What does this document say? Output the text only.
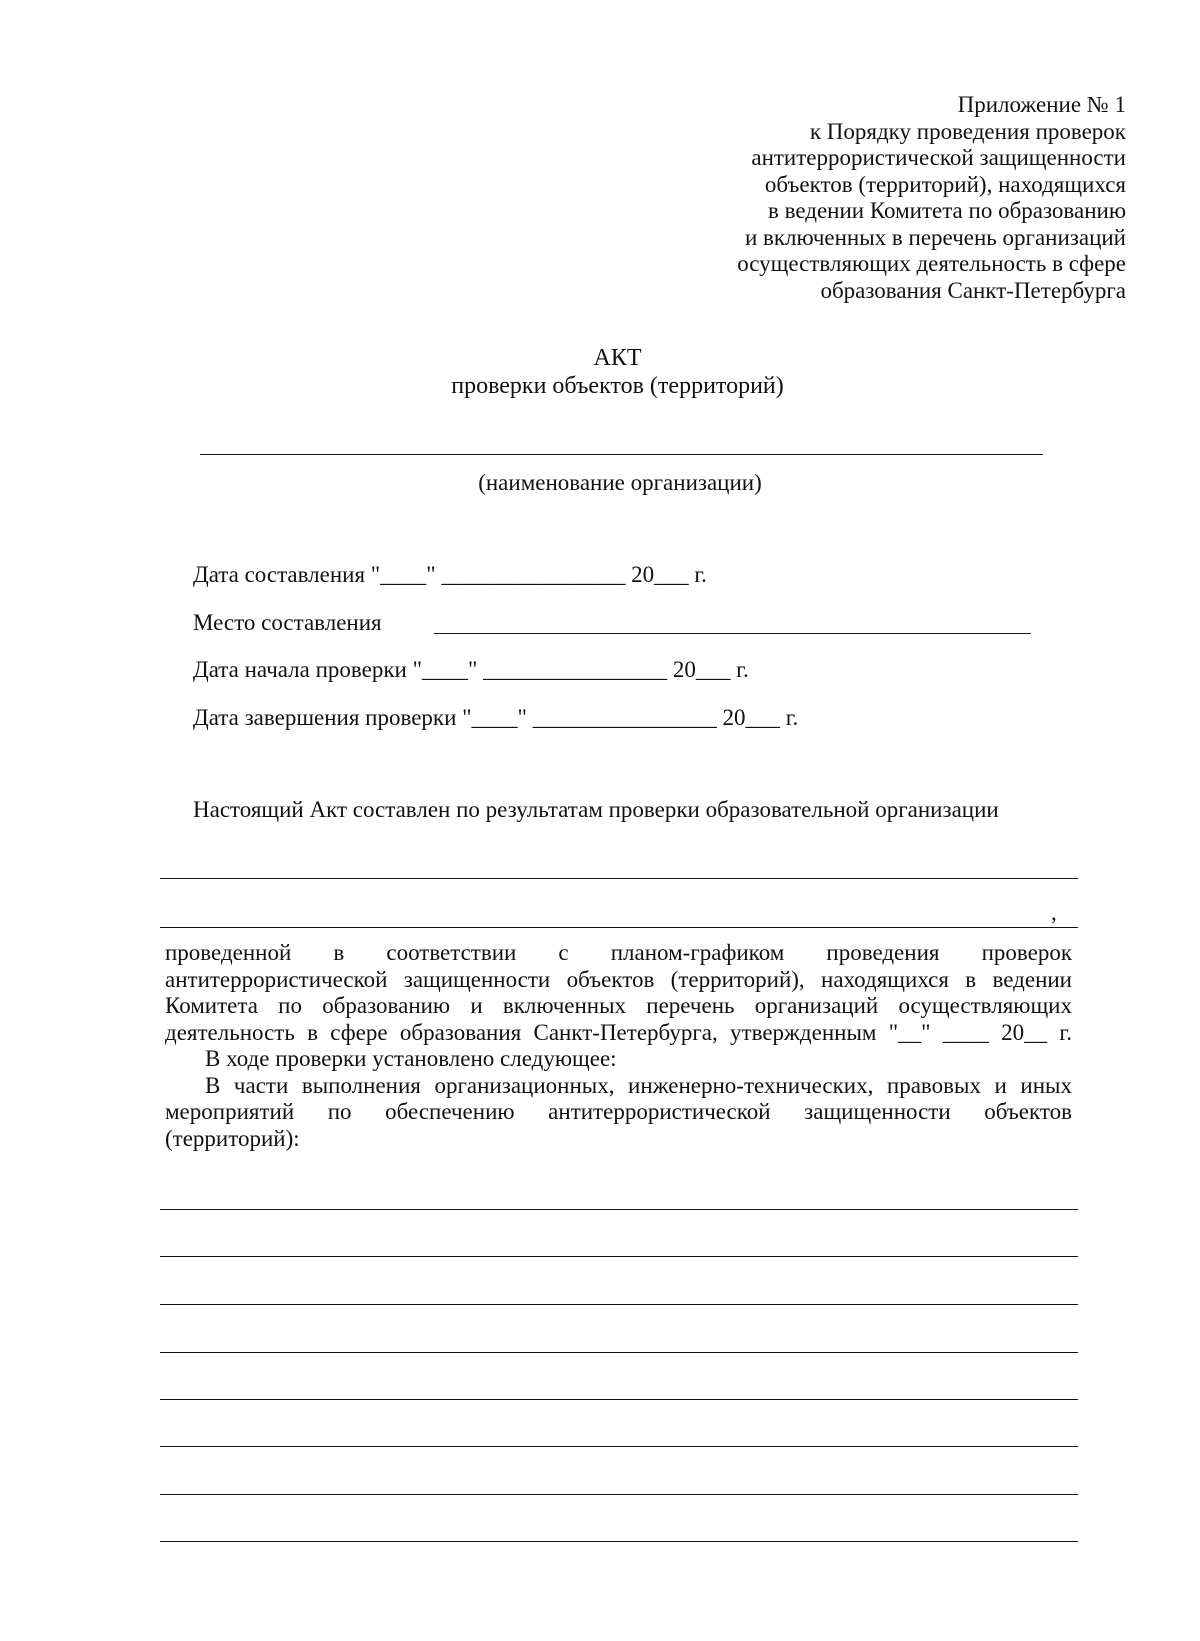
Приложение № 1
к Порядку проведения проверок
антитеррористической защищенности
объектов (территорий), находящихся
в ведении Комитета по образованию
и включенных в перечень организаций
осуществляющих деятельность в сфере
образования Санкт-Петербурга
АКТ
проверки объектов (территорий)
(наименование организации)
Дата составления "____" ________________ 20___ г.
Место составления
Дата начала проверки "____" ________________ 20___ г.
Дата завершения проверки "____" ________________ 20___ г.
Настоящий Акт составлен по результатам проверки образовательной организации
,

проведенной в соответствии с планом-графиком проведения проверок

антитеррористической защищенности объектов (территорий), находящихся в ведении

Комитета по образованию и включенных перечень организаций осуществляющих

деятельность в сфере образования Санкт-Петербурга, утвержденным "__" ____ 20__ г.

В ходе проверки установлено следующее:

В части выполнения организационных, инженерно-технических, правовых и иных

мероприятий по обеспечению антитеррористической защищенности объектов

(территорий):
